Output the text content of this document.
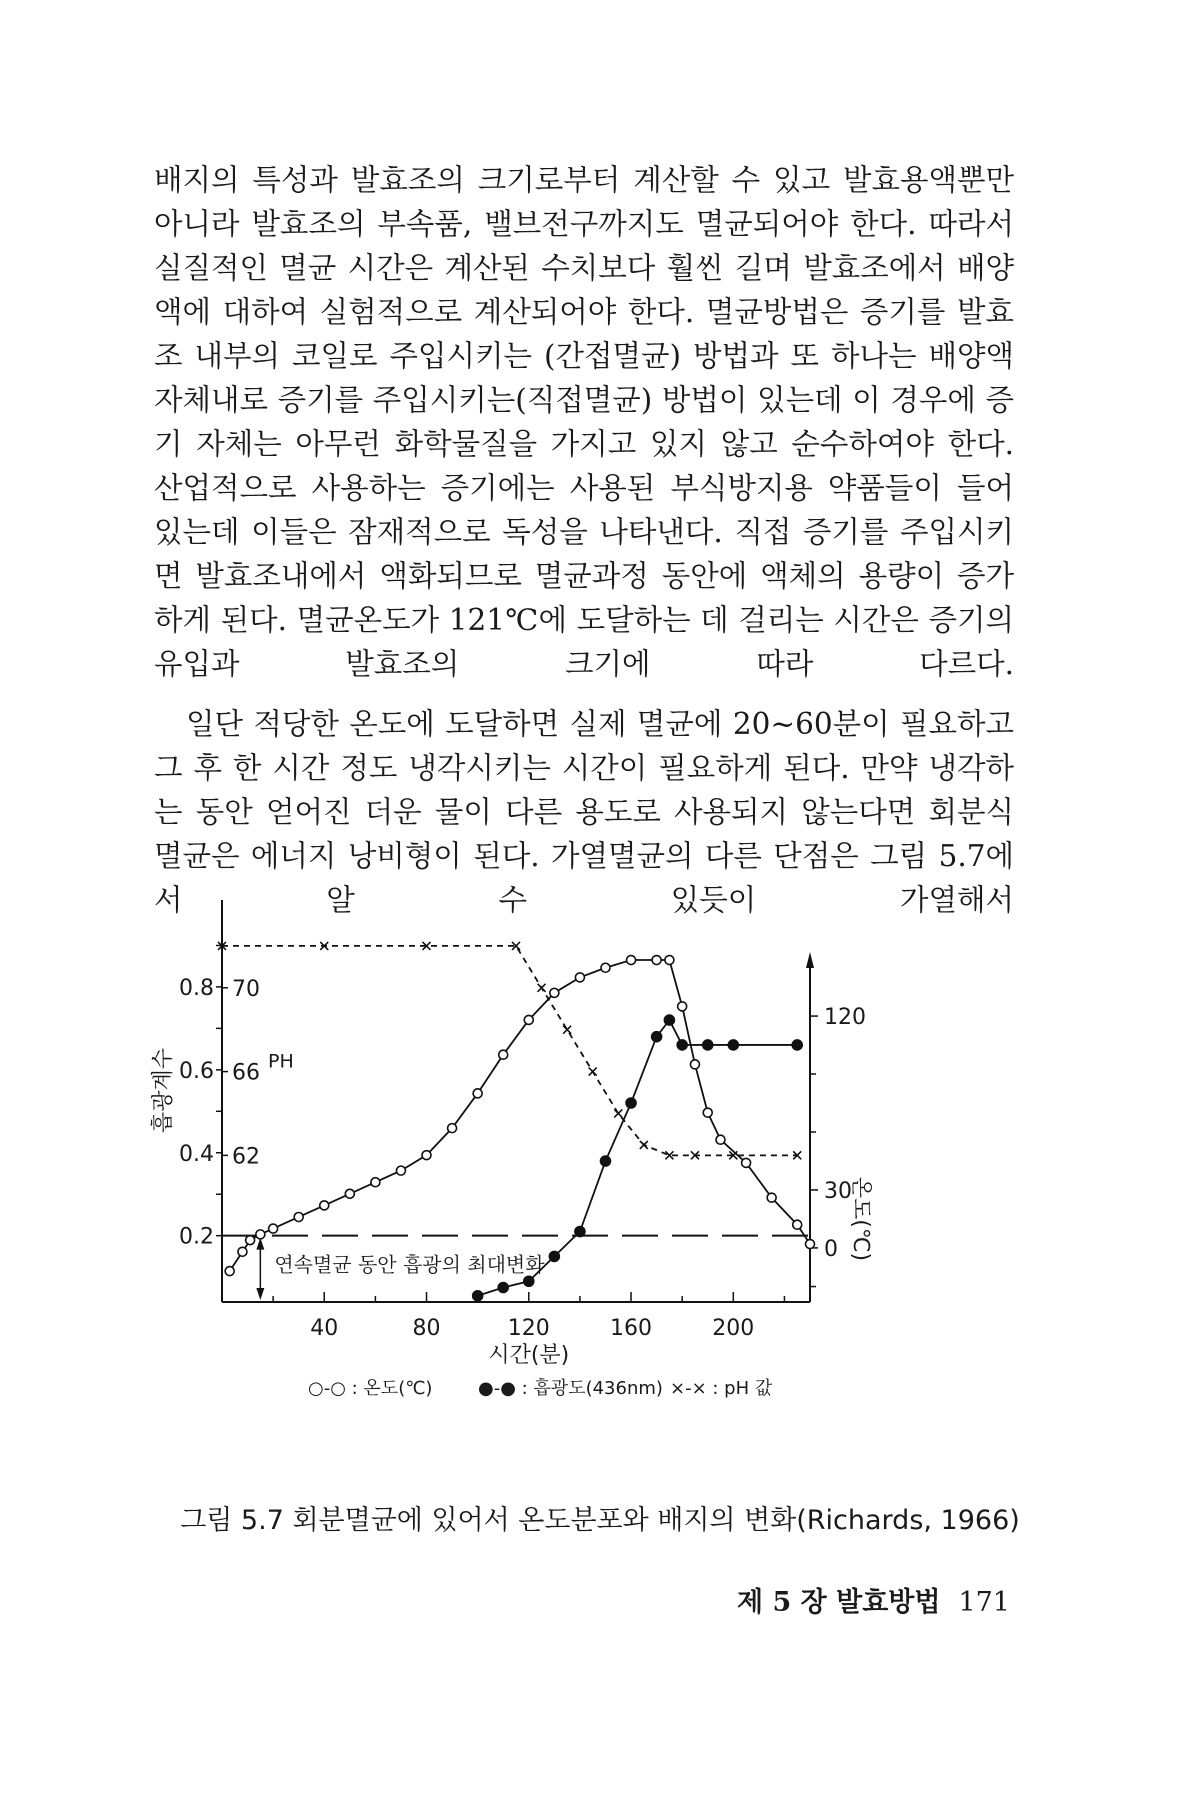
배지의 특성과 발효조의 크기로부터 계산할 수 있고 발효용액뿐만 아니라 발효조의 부속품, 밸브전구까지도 멸균되어야 한다. 따라서 실질적인 멸균 시간은 계산된 수치보다 훨씬 길며 발효조에서 배양액에 대하여 실험적으로 계산되어야 한다. 멸균방법은 증기를 발효조 내부의 코일로 주입시키는 (간접멸균) 방법과 또 하나는 배양액 자체내로 증기를 주입시키는(직접멸균) 방법이 있는데 이 경우에 증기 자체는 아무런 화학물질을 가지고 있지 않고 순수하여야 한다. 산업적으로 사용하는 증기에는 사용된 부식방지용 약품들이 들어 있는데 이들은 잠재적으로 독성을 나타낸다. 직접 증기를 주입시키면 발효조내에서 액화되므로 멸균과정 동안에 액체의 용량이 증가하게 된다. 멸균온도가 121℃에 도달하는 데 걸리는 시간은 증기의 유입과 발효조의 크기에 따라 다르다.

일단 적당한 온도에 도달하면 실제 멸균에 20~60분이 필요하고 그 후 한 시간 정도 냉각시키는 시간이 필요하게 된다. 만약 냉각하는 동안 얻어진 더운 물이 다른 용도로 사용되지 않는다면 회분식 멸균은 에너지 낭비형이 된다. 가열멸균의 다른 단점은 그림 5.7에서 알 수 있듯이 가열해서

40	80	120	160	200
0.2
0.4
0.6
0.8 70
66
62
120
30
0
PH
시간(분)
흡광계수
온도(℃)
연속멸균 동안 흡광의 최대변화
○-○ : 온도(℃)	●-● : 흡광도(436nm) ×-× : pH 값

그림 5.7 회분멸균에 있어서 온도분포와 배지의 변화(Richards, 1966)

제 5 장 발효방법 171
